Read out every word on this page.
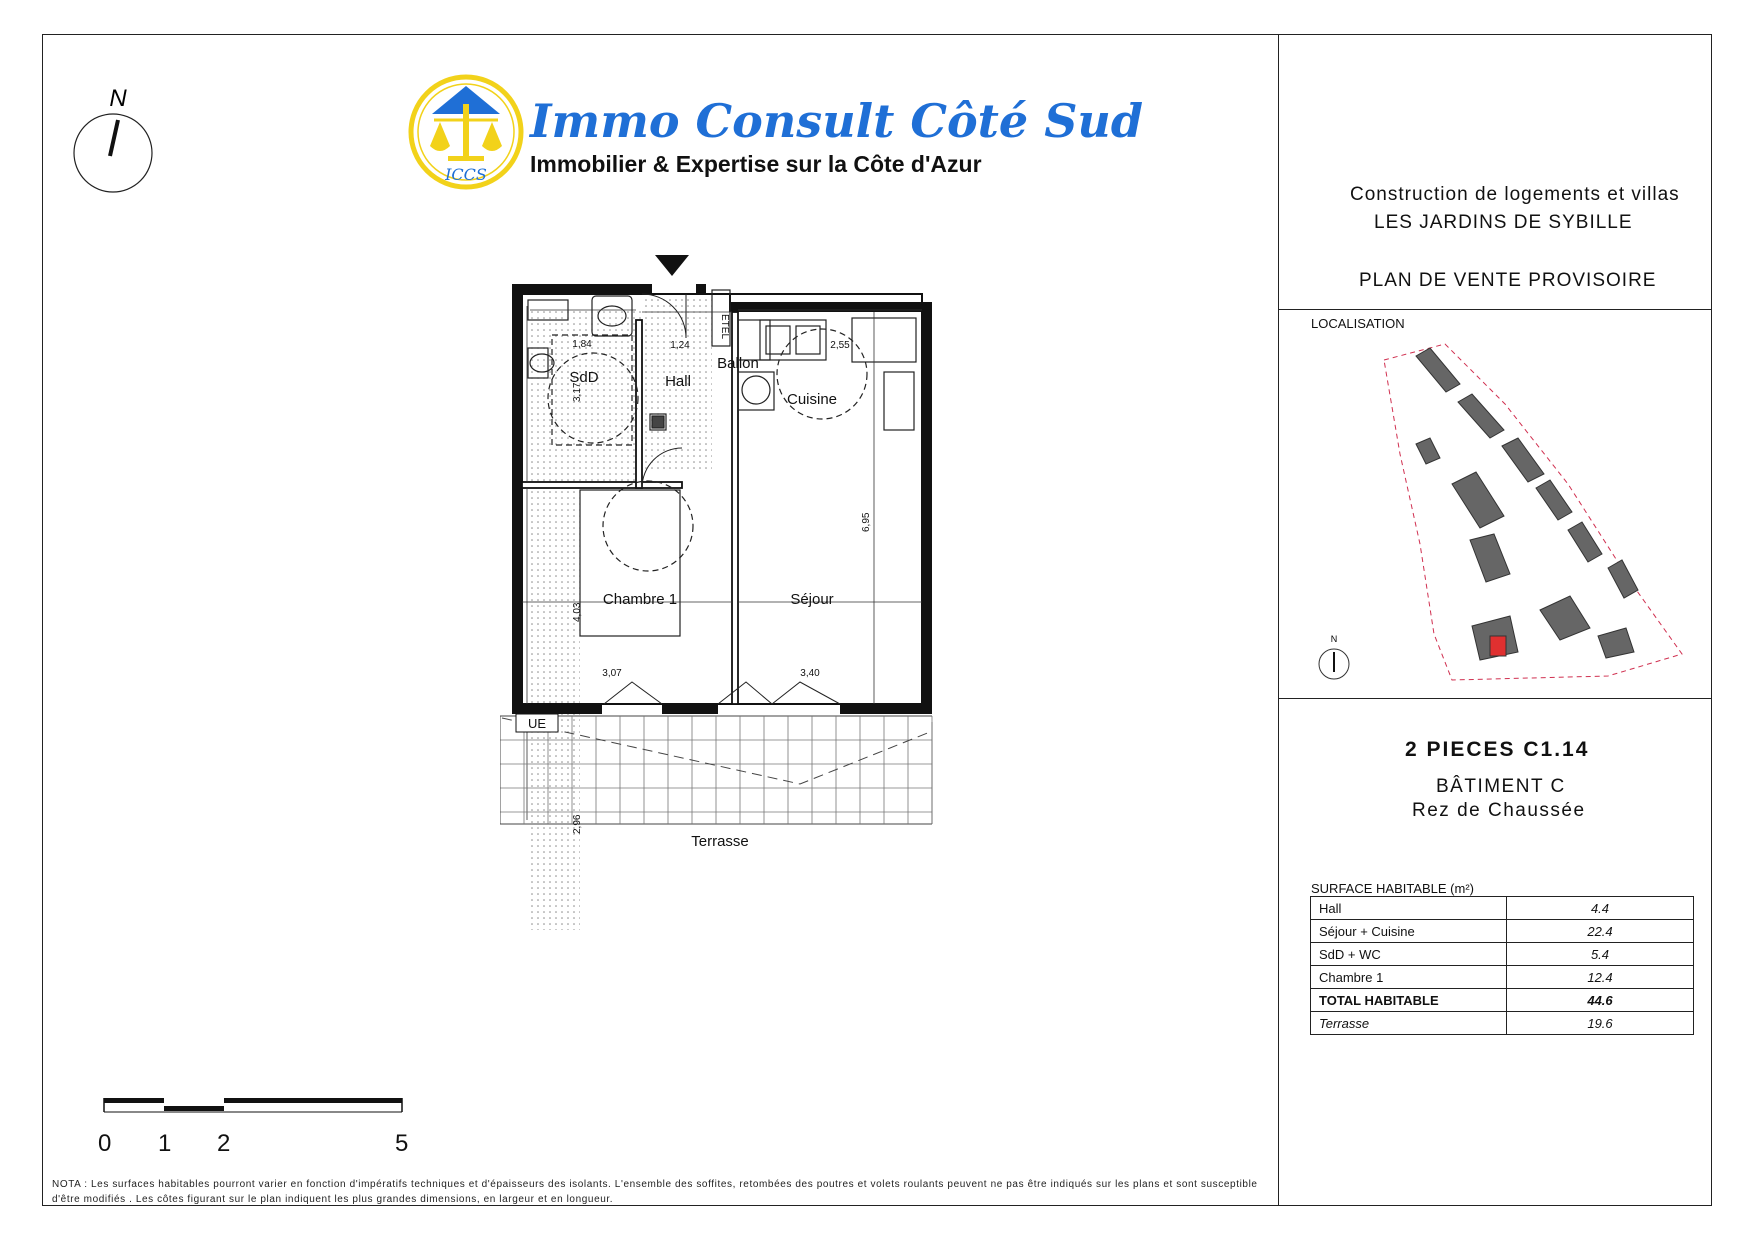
N
ICCS
Immo Consult Côté Sud
Immobilier & Expertise sur la Côte d'Azur
Construction de logements et villas
LES JARDINS DE SYBILLE
PLAN DE VENTE PROVISOIRE
LOCALISATION
N
2 PIECES C1.14
BÂTIMENT C
Rez de Chaussée
SURFACE HABITABLE (m²)
Hall	4.4
Séjour + Cuisine	22.4
SdD + WC	5.4
Chambre 1	12.4
TOTAL HABITABLE	44.6
Terrasse	19.6
SdD	Hall
Ballon
Cuisine
Chambre 1	Séjour
Terrasse
UE
ETEL
1,84	1,24	2,55
3,07	3,40
3,17
6,95
4,03
2,96
0 1 2	5
NOTA : Les surfaces habitables pourront varier en fonction d'impératifs techniques et d'épaisseurs des isolants. L'ensemble des soffites, retombées des poutres et volets roulants peuvent ne pas être indiqués sur les plans et sont susceptible d'être modifiés . Les côtes figurant sur le plan indiquent les plus grandes dimensions, en largeur et en longueur.
